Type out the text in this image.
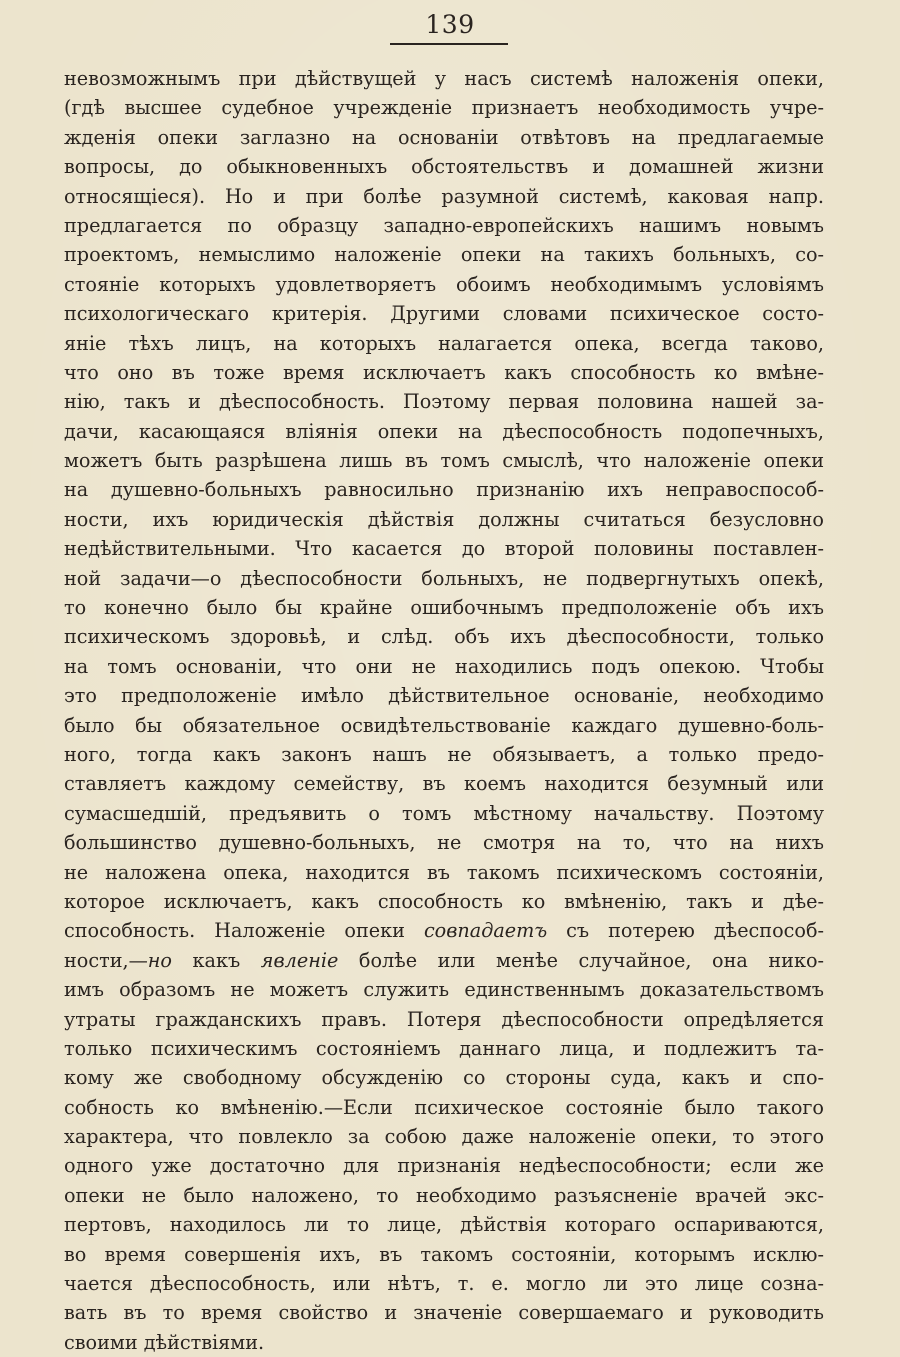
139
невозможнымъ при дѣйствущей у насъ системѣ наложенія опеки,
(гдѣ высшее судебное учрежденіе признаетъ необходимость учре-
жденія опеки заглазно на основаніи отвѣтовъ на предлагаемые
вопросы, до обыкновенныхъ обстоятельствъ и домашней жизни
относящіеся). Но и при болѣе разумной системѣ, каковая напр.
предлагается по образцу западно-европейскихъ нашимъ новымъ
проектомъ, немыслимо наложеніе опеки на такихъ больныхъ, со-
стояніе которыхъ удовлетворяетъ обоимъ необходимымъ условіямъ
психологическаго критерія. Другими словами психическое состо-
яніе тѣхъ лицъ, на которыхъ налагается опека, всегда таково,
что оно въ тоже время исключаетъ какъ способность ко вмѣне-
нію, такъ и дѣеспособность. Поэтому первая половина нашей за-
дачи, касающаяся вліянія опеки на дѣеспособность подопечныхъ,
можетъ быть разрѣшена лишь въ томъ смыслѣ, что наложеніе опеки
на душевно-больныхъ равносильно признанію ихъ неправоспособ-
ности, ихъ юридическія дѣйствія должны считаться безусловно
недѣйствительными. Что касается до второй половины поставлен-
ной задачи—о дѣеспособности больныхъ, не подвергнутыхъ опекѣ,
то конечно было бы крайне ошибочнымъ предположеніе объ ихъ
психическомъ здоровьѣ, и слѣд. объ ихъ дѣеспособности, только
на томъ основаніи, что они не находились подъ опекою. Чтобы
это предположеніе имѣло дѣйствительное основаніе, необходимо
было бы обязательное освидѣтельствованіе каждаго душевно-боль-
ного, тогда какъ законъ нашъ не обязываетъ, а только предо-
ставляетъ каждому семейству, въ коемъ находится безумный или
сумасшедшій, предъявить о томъ мѣстному начальству. Поэтому
большинство душевно-больныхъ, не смотря на то, что на нихъ
не наложена опека, находится въ такомъ психическомъ состояніи,
которое исключаетъ, какъ способность ко вмѣненію, такъ и дѣе-
способность. Наложеніе опеки совпадаетъ съ потерею дѣеспособ-
ности,—но какъ явленіе болѣе или менѣе случайное, она нико-
имъ образомъ не можетъ служить единственнымъ доказательствомъ
утраты гражданскихъ правъ. Потеря дѣеспособности опредѣляется
только психическимъ состояніемъ даннаго лица, и подлежитъ та-
кому же свободному обсужденію со стороны суда, какъ и спо-
собность ко вмѣненію.—Если психическое состояніе было такого
характера, что повлекло за собою даже наложеніе опеки, то этого
одного уже достаточно для признанія недѣеспособности; если же
опеки не было наложено, то необходимо разъясненіе врачей экс-
пертовъ, находилось ли то лице, дѣйствія котораго оспариваются,
во время совершенія ихъ, въ такомъ состояніи, которымъ исклю-
чается дѣеспособность, или нѣтъ, т. е. могло ли это лице созна-
вать въ то время свойство и значеніе совершаемаго и руководить
своими дѣйствіями.
